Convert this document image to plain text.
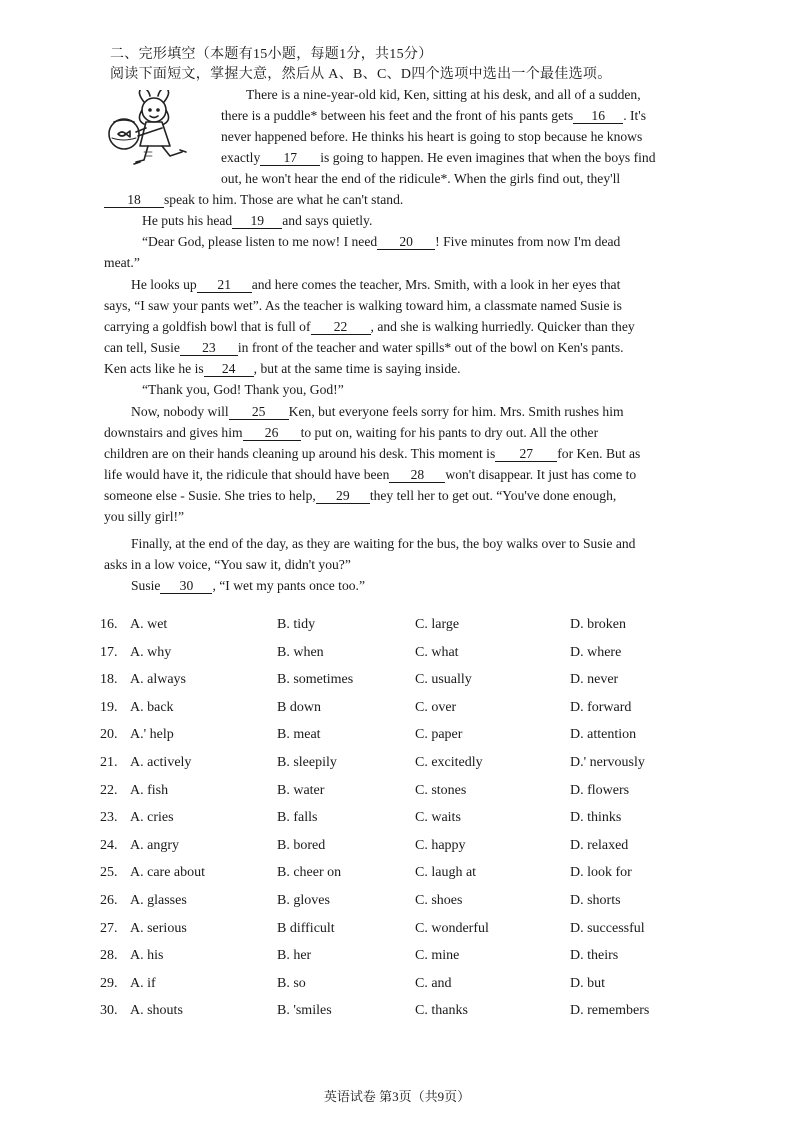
二、完形填空（本题有15小题，每题1分，共15分）
阅读下面短文，掌握大意，然后从 A、B、C、D四个选项中选出一个最佳选项。
There is a nine-year-old kid, Ken, sitting at his desk, and all of a sudden,
there is a puddle* between his feet and the front of his pants gets 16 . It's
never happened before. He thinks his heart is going to stop because he knows
exactly 17 is going to happen. He even imagines that when the boys find
out, he won't hear the end of the ridicule*. When the girls find out, they'll
18 speak to him. Those are what he can't stand.
He puts his head 19 and says quietly.
“Dear God, please listen to me now! I need 20 ! Five minutes from now I'm dead
meat.”
He looks up 21 and here comes the teacher, Mrs. Smith, with a look in her eyes that
says, “I saw your pants wet”. As the teacher is walking toward him, a classmate named Susie is
carrying a goldfish bowl that is full of 22 , and she is walking hurriedly. Quicker than they
can tell, Susie 23 in front of the teacher and water spills* out of the bowl on Ken's pants.
Ken acts like he is 24 , but at the same time is saying inside.
“Thank you, God! Thank you, God!”
Now, nobody will 25 Ken, but everyone feels sorry for him. Mrs. Smith rushes him
downstairs and gives him 26 to put on, waiting for his pants to dry out. All the other
children are on their hands cleaning up around his desk. This moment is 27 for Ken. But as
life would have it, the ridicule that should have been 28 won't disappear. It just has come to
someone else - Susie. She tries to help, 29 they tell her to get out. “You've done enough,
you silly girl!”
Finally, at the end of the day, as they are waiting for the bus, the boy walks over to Susie and
asks in a low voice, “You saw it, didn't you?”
Susie 30 , “I wet my pants once too.”
16. A. wet	B. tidy	C. large	D. broken
17. A. why	B. when	C. what	D. where
18. A. always	B. sometimes	C. usually	D. never
19. A. back	B down	C. over	D. forward
20. A.' help	B. meat	C. paper	D. attention
21. A. actively	B. sleepily	C. excitedly	D.' nervously
22. A. fish	B. water	C. stones	D. flowers
23. A. cries	B. falls	C. waits	D. thinks
24. A. angry	B. bored	C. happy	D. relaxed
25. A. care about	B. cheer on	C. laugh at	D. look for
26. A. glasses	B. gloves	C. shoes	D. shorts
27. A. serious	B difficult	C. wonderful	D. successful
28. A. his	B. her	C. mine	D. theirs
29. A. if	B. so	C. and	D. but
30. A. shouts	B. 'smiles	C. thanks	D. remembers
英语试卷 第3页（共9页）
